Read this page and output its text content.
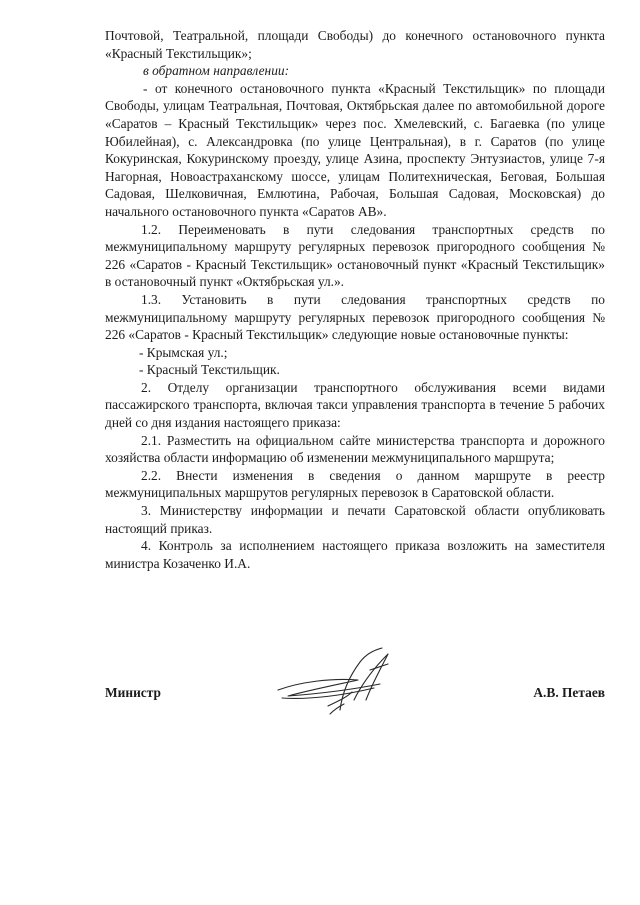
Почтовой, Театральной, площади Свободы) до конечного остановочного пункта «Красный Текстильщик»;

в обратном направлении:

- от конечного остановочного пункта «Красный Текстильщик» по площади Свободы, улицам Театральная, Почтовая, Октябрьская далее по автомобильной дороге «Саратов – Красный Текстильщик» через пос. Хмелевский, с. Багаевка (по улице Юбилейная), с. Александровка (по улице Центральная), в г. Саратов (по улице Кокуринская, Кокуринскому проезду, улице Азина, проспекту Энтузиастов, улице 7-я Нагорная, Новоастраханскому шоссе, улицам Политехническая, Беговая, Большая Садовая, Шелковичная, Емлютина, Рабочая, Большая Садовая, Московская) до начального остановочного пункта «Саратов АВ».

1.2. Переименовать в пути следования транспортных средств по межмуниципальному маршруту регулярных перевозок пригородного сообщения № 226 «Саратов - Красный Текстильщик» остановочный пункт «Красный Текстильщик» в остановочный пункт «Октябрьская ул.».

1.3. Установить в пути следования транспортных средств по межмуниципальному маршруту регулярных перевозок пригородного сообщения № 226 «Саратов - Красный Текстильщик» следующие новые остановочные пункты:

- Крымская ул.;

- Красный Текстильщик.

2. Отделу организации транспортного обслуживания всеми видами пассажирского транспорта, включая такси управления транспорта в течение 5 рабочих дней со дня издания настоящего приказа:

2.1. Разместить на официальном сайте министерства транспорта и дорожного хозяйства области информацию об изменении межмуниципального маршрута;

2.2. Внести изменения в сведения о данном маршруте в реестр межмуниципальных маршрутов регулярных перевозок в Саратовской области.

3. Министерству информации и печати Саратовской области опубликовать настоящий приказ.

4. Контроль за исполнением настоящего приказа возложить на заместителя министра Козаченко И.А.

Министр	А.В. Петаев
